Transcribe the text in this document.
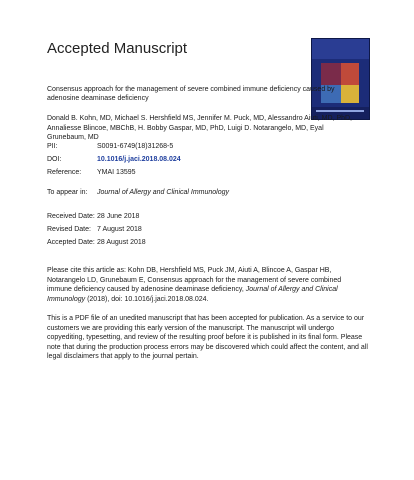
Accepted Manuscript
Consensus approach for the management of severe combined immune deficiency caused by adenosine deaminase deficiency
Donald B. Kohn, MD, Michael S. Hershfield MS, Jennifer M. Puck, MD, Alessandro Aiuti, MD, PhD, Annaliesse Blincoe, MBChB, H. Bobby Gaspar, MD, PhD, Luigi D. Notarangelo, MD, Eyal Grunebaum, MD
PII:	S0091-6749(18)31268-5
DOI:	10.1016/j.jaci.2018.08.024
Reference: YMAI 13595
To appear in: Journal of Allergy and Clinical Immunology
Received Date: 28 June 2018
Revised Date: 7 August 2018
Accepted Date: 28 August 2018
Please cite this article as: Kohn DB, Hershfield MS, Puck JM, Aiuti A, Blincoe A, Gaspar HB, Notarangelo LD, Grunebaum E, Consensus approach for the management of severe combined immune deficiency caused by adenosine deaminase deficiency, Journal of Allergy and Clinical Immunology (2018), doi: 10.1016/j.jaci.2018.08.024.
This is a PDF file of an unedited manuscript that has been accepted for publication. As a service to our customers we are providing this early version of the manuscript. The manuscript will undergo copyediting, typesetting, and review of the resulting proof before it is published in its final form. Please note that during the production process errors may be discovered which could affect the content, and all legal disclaimers that apply to the journal pertain.
